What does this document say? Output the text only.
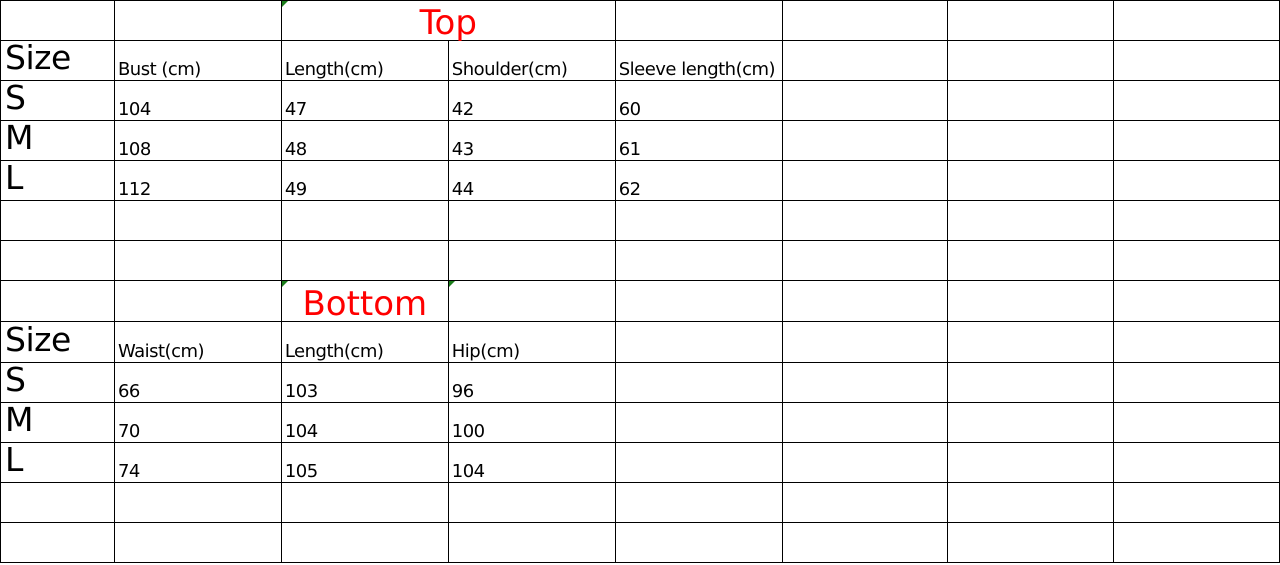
Top					

Size	Bust (cm)	Length(cm)	Shoulder(cm)	Sleeve length(cm)			

S	104	47	42	60			

M	108	48	43	61			

L	112	49	44	62			

Bottom	

Size	Waist(cm)	Length(cm)	Hip(cm)				

S	66	103	96				

M	70	104	100				

L	74	105	104				
